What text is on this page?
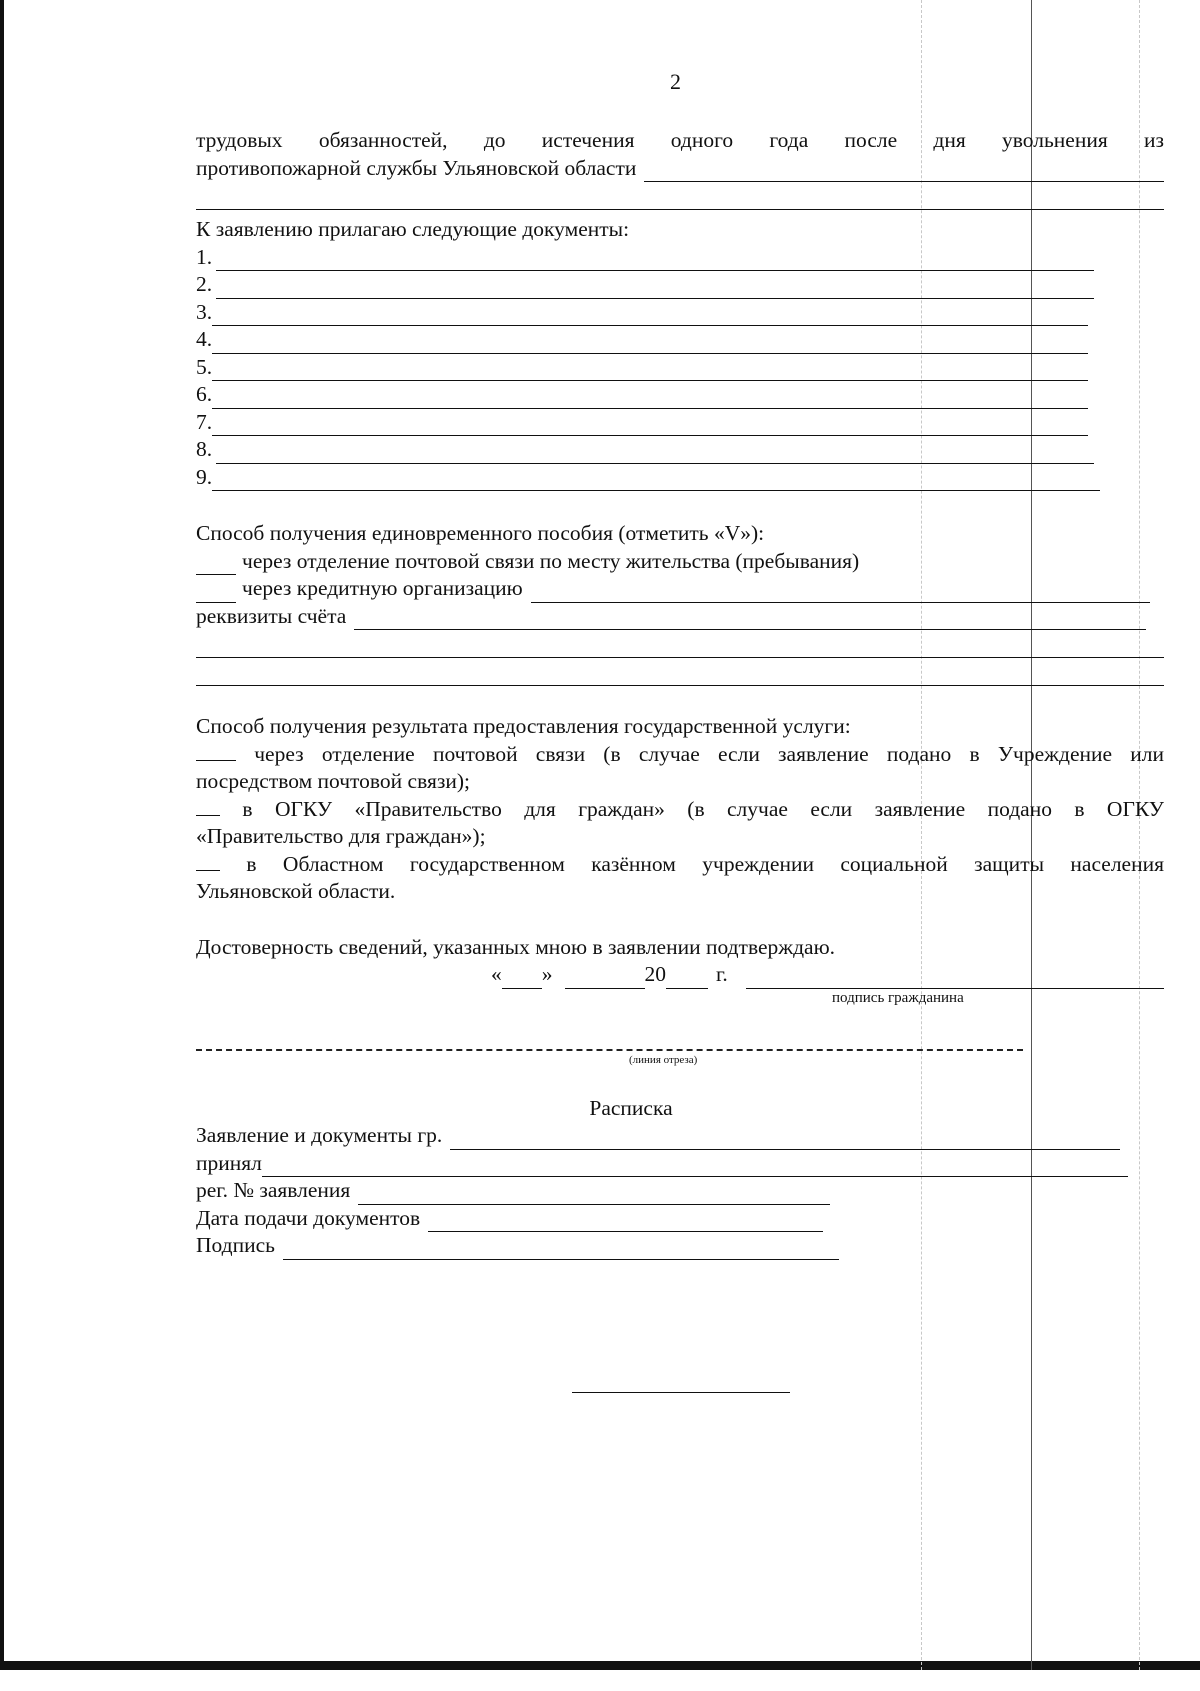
2

трудовых обязанностей, до истечения одного года после дня увольнения из

противопожарной службы Ульяновской области

К заявлению прилагаю следующие документы:

1.
2.
3.
4.
5.
6.
7.
8.
9.

Способ получения единовременного пособия (отметить «V»):

через отделение почтовой связи по месту жительства (пребывания)
через кредитную организацию
реквизиты счёта

Способ получения результата предоставления государственной услуги:

через отделение почтовой связи (в случае если заявление подано в Учреждение или

посредством почтовой связи);

в ОГКУ «Правительство для граждан» (в случае если заявление подано в ОГКУ

«Правительство для граждан»);

в Областном государственном казённом учреждении социальной защиты населения

Ульяновской области.

Достоверность сведений, указанных мною в заявлении подтверждаю.

« »	20 г.
подпись гражданина
(линия отреза)
Расписка
Заявление и документы гр.
принял
рег. № заявления
Дата подачи документов
Подпись
